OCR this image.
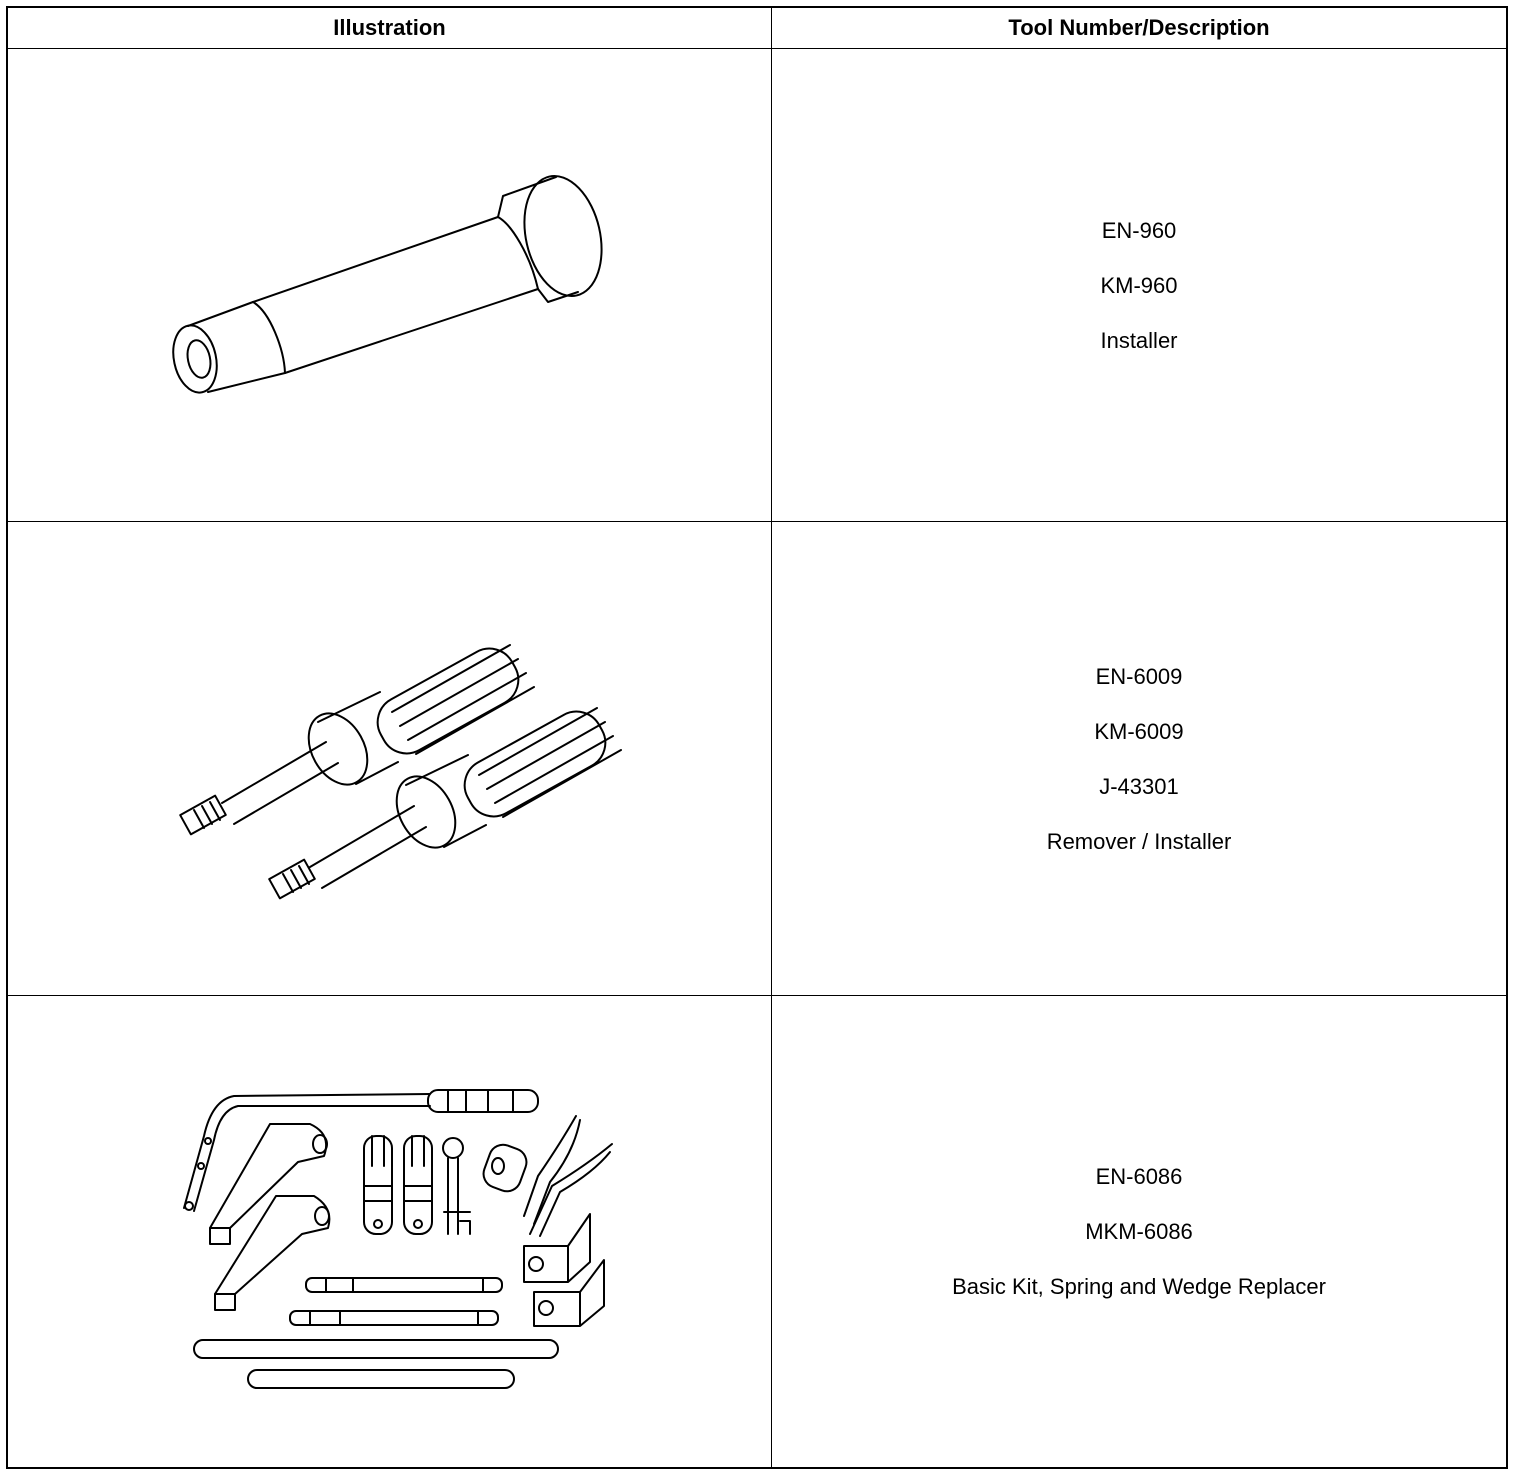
Illustration	Tool Number/Description
EN-960
KM-960
Installer
EN-6009
KM-6009
J-43301
Remover / Installer
EN-6086
MKM-6086
Basic Kit, Spring and Wedge Replacer
